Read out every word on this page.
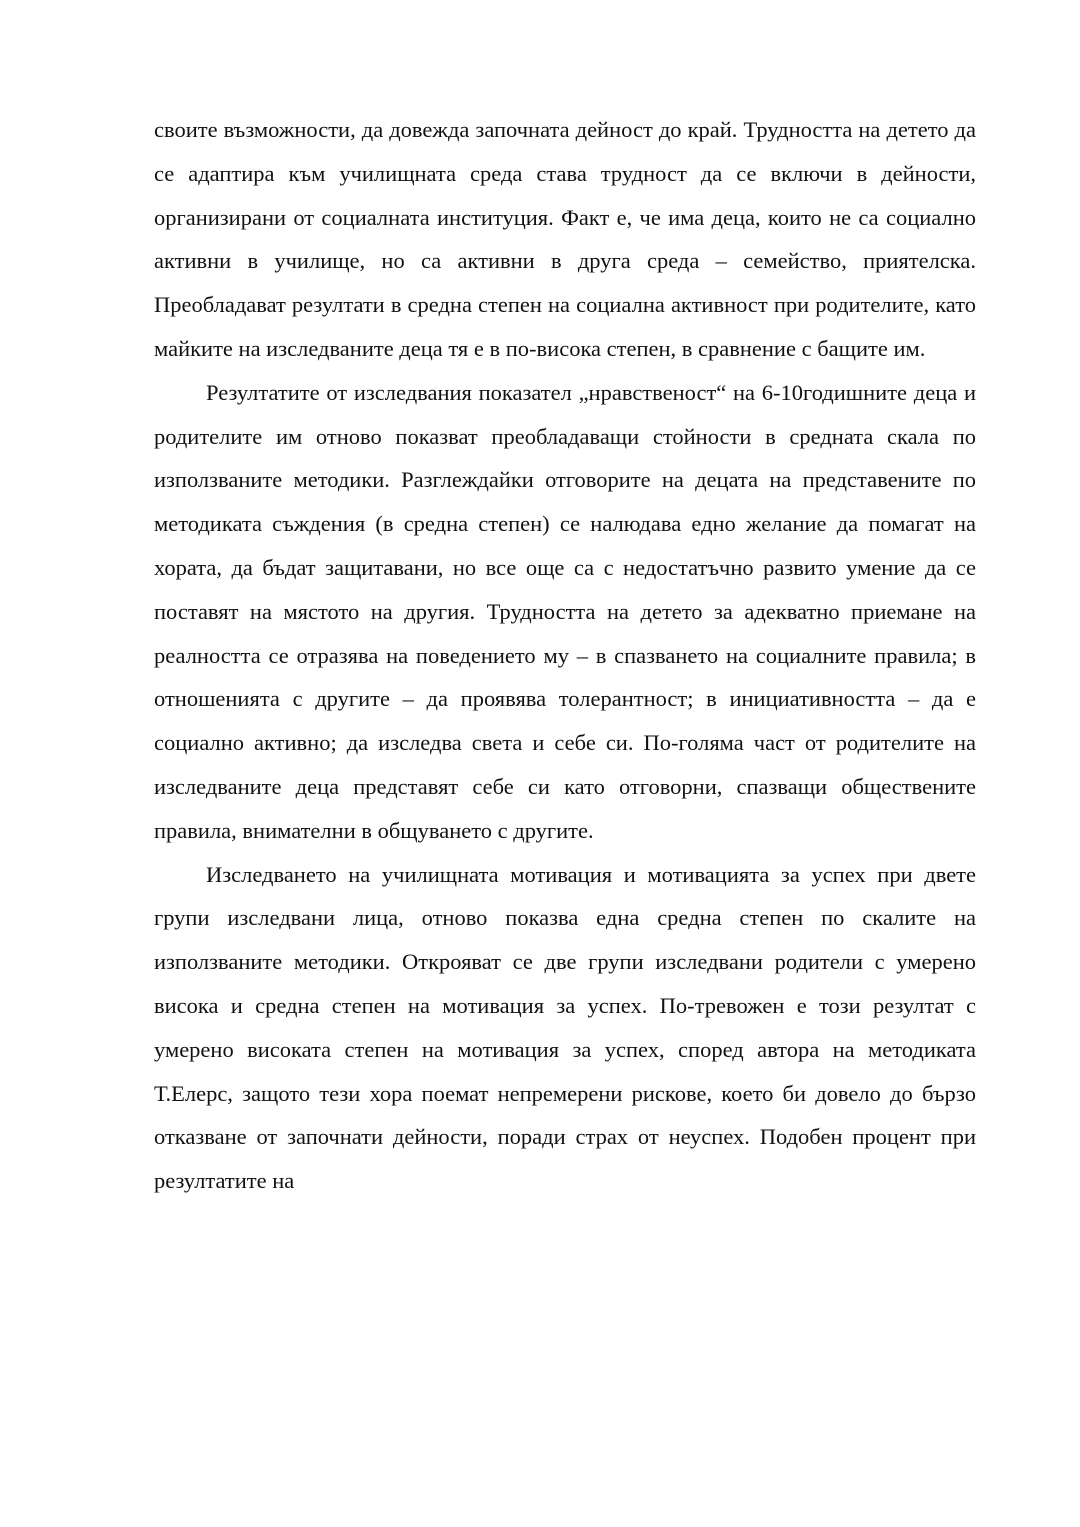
своите възможности, да довежда започната дейност до край. Трудността на детето да се адаптира към училищната среда става трудност да се включи в дейности, организирани от социалната институция. Факт е, че има деца, които не са социално активни в училище, но са активни в друга среда – семейство, приятелска. Преобладават резултати в средна степен на социална активност при родителите, като майките на изследваните деца тя е в по-висока степен, в сравнение с бащите им.

Резултатите от изследвания показател „нравственост“ на 6-10годишните деца и родителите им отново показват преобладаващи стойности в средната скала по използваните методики. Разглеждайки отговорите на децата на представените по методиката съждения (в средна степен) се налюдава едно желание да помагат на хората, да бъдат защитавани, но все още са с недостатъчно развито умение да се поставят на мястото на другия. Трудността на детето за адекватно приемане на реалността се отразява на поведението му – в спазването на социалните правила; в отношенията с другите – да проявява толерантност; в инициативността – да е социално активно; да изследва света и себе си. По-голяма част от родителите на изследваните деца представят себе си като отговорни, спазващи обществените правила, внимателни в общуването с другите.

Изследването на училищната мотивация и мотивацията за успех при двете групи изследвани лица, отново показва една средна степен по скалите на използваните методики. Открояват се две групи изследвани родители с умерено висока и средна степен на мотивация за успех. По-тревожен е този резултат с умерено високата степен на мотивация за успех, според автора на методиката Т.Елерс, защото тези хора поемат непремерени рискове, което би довело до бързо отказване от започнати дейности, поради страх от неуспех. Подобен процент при резултатите на
